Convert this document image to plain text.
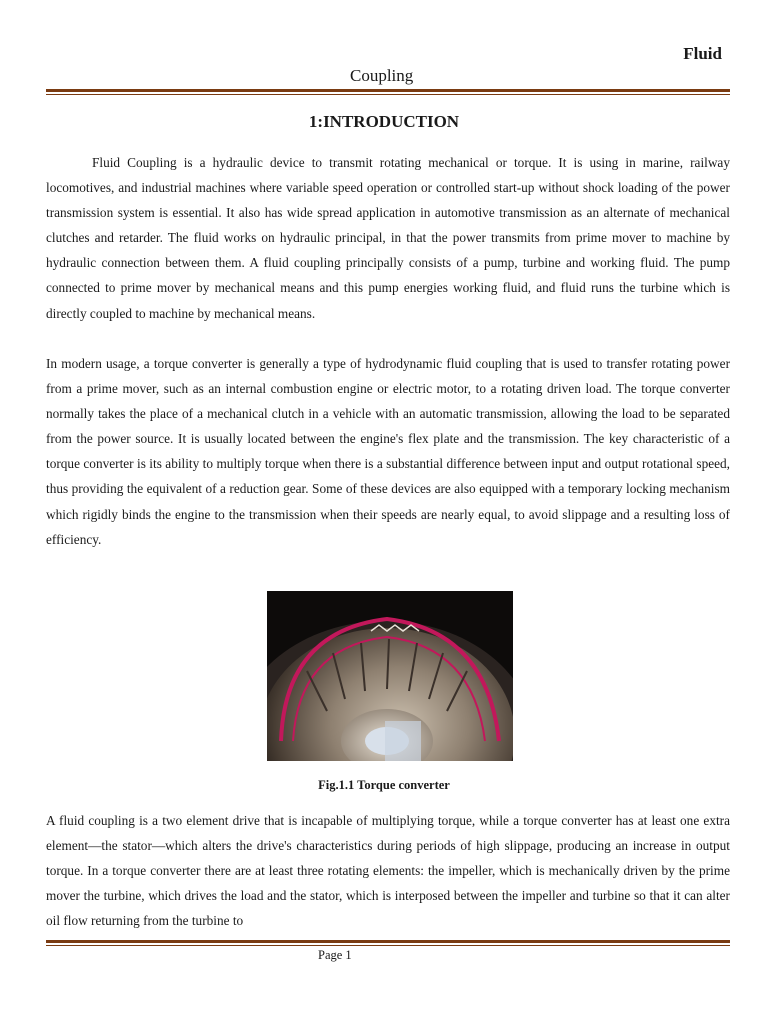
Fluid
Coupling
1:INTRODUCTION

Fluid Coupling is a hydraulic device to transmit rotating mechanical or torque. It is using in marine, railway locomotives, and industrial machines where variable speed operation or controlled start-up without shock loading of the power transmission system is essential. It also has wide spread application in automotive transmission as an alternate of mechanical clutches and retarder. The fluid works on hydraulic principal, in that the power transmits from prime mover to machine by hydraulic connection between them. A fluid coupling principally consists of a pump, turbine and working fluid. The pump connected to prime mover by mechanical means and this pump energies working fluid, and fluid runs the turbine which is directly coupled to machine by mechanical means.

In modern usage, a torque converter is generally a type of hydrodynamic fluid coupling that is used to transfer rotating power from a prime mover, such as an internal combustion engine or electric motor, to a rotating driven load. The torque converter normally takes the place of a mechanical clutch in a vehicle with an automatic transmission, allowing the load to be separated from the power source. It is usually located between the engine's flex plate and the transmission. The key characteristic of a torque converter is its ability to multiply torque when there is a substantial difference between input and output rotational speed, thus providing the equivalent of a reduction gear. Some of these devices are also equipped with a temporary locking mechanism which rigidly binds the engine to the transmission when their speeds are nearly equal, to avoid slippage and a resulting loss of efficiency.

Fig.1.1 Torque converter

A fluid coupling is a two element drive that is incapable of multiplying torque, while a torque converter has at least one extra element—the stator—which alters the drive's characteristics during periods of high slippage, producing an increase in output torque. In a torque converter there are at least three rotating elements: the impeller, which is mechanically driven by the prime mover the turbine, which drives the load and the stator, which is interposed between the impeller and turbine so that it can alter oil flow returning from the turbine to

Page 1
